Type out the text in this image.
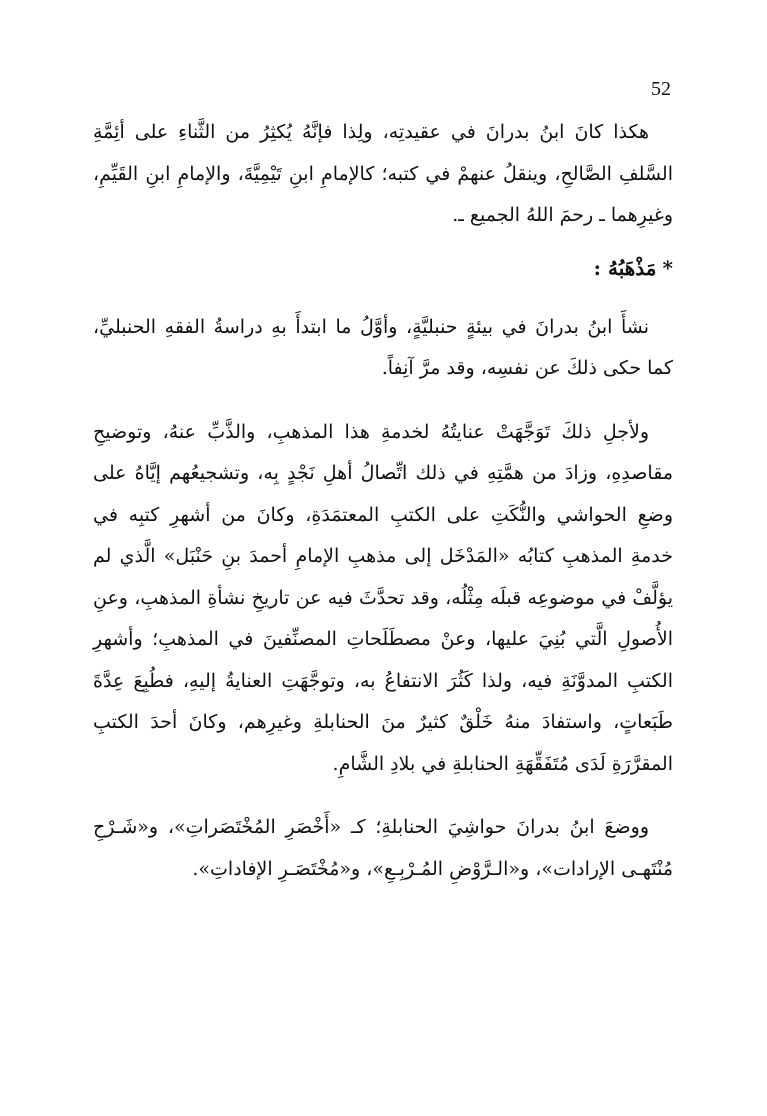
52

هكذا كانَ ابنُ بدرانَ في عقيدتِه، ولِذا فإنَّهُ يُكثِرُ من الثَّناءِ على أئِمَّةِ السَّلفِ الصَّالحِ، وينقلُ عنهمْ في كتبه؛ كالإمامِ ابنِ تَيْمِيَّةَ، والإمامِ ابنِ القَيِّمِ، وغيرِهما ـ رحمَ اللهُ الجميع ـ.

*مَذْهَبُهُ :

نشأَ ابنُ بدرانَ في بيئةٍ حنبليَّةٍ، وأوَّلُ ما ابتدأَ بهِ دراسةُ الفقهِ الحنبليِّ، كما حكى ذلكَ عن نفسِه، وقد مرَّ آنِفاً.

ولأجلِ ذلكَ تَوَجَّهَتْ عنايتُهُ لخدمةِ هذا المذهبِ، والذَّبِّ عنهُ، وتوضيحِ مقاصدِهِ، وزادَ من همَّتِهِ في ذلك اتِّصالُ أهلِ نَجْدٍ بِه، وتشجيعُهم إيَّاهُ على وضعِ الحواشي والنُّكَتِ على الكتبِ المعتمَدَةِ، وكانَ من أشهرِ كتبِه في خدمةِ المذهبِ كتابُه «المَدْخَل إلى مذهبِ الإمامِ أحمدَ بنِ حَنْبَل» الَّذي لم يؤلَّفْ في موضوعِه قبلَه مِثْلُه، وقد تحدَّثَ فيه عن تاريخِ نشأةِ المذهبِ، وعنِ الأُصولِ الَّتي بُنِيَ عليها، وعنْ مصطَلَحاتِ المصنِّفينَ في المذهبِ؛ وأشهرِ الكتبِ المدوَّنَةِ فيه، ولذا كَثُرَ الانتفاعُ به، وتوجَّهَتِ العنايةُ إليهِ، فطُبِعَ عِدَّةَ طَبَعاتٍ، واستفادَ منهُ خَلْقٌ كثيرٌ منَ الحنابلةِ وغيرِهم، وكانَ أحدَ الكتبِ المقرَّرَةِ لَدَى مُتَفَقِّهَةِ الحنابلةِ في بلادِ الشَّامِ.

ووضعَ ابنُ بدرانَ حواشِيَ الحنابلةِ؛ كـ «أَخْصَرِ المُخْتَصَراتِ»، و«شَـرْحِ مُنْتَهـى الإرادات»، و«الـرَّوْضِ المُـرْبِـعِ»، و«مُخْتَصَـرِ الإفاداتِ».
